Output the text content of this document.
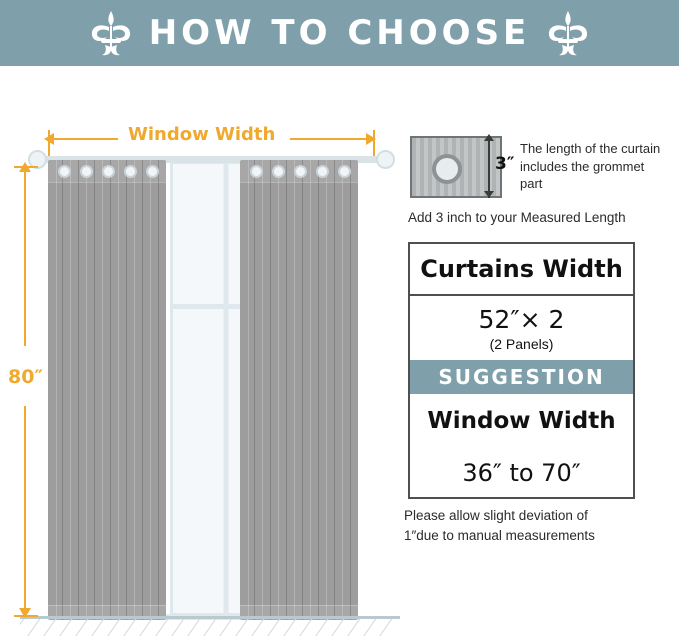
HOW TO CHOOSE
Window Width
80″
3″
The length of the curtain includes the grommet part
Add 3 inch to your Measured Length
Curtains Width
52″× 2
(2 Panels)
SUGGESTION
Window Width
36″ to 70″
Please allow slight deviation of
1″due to manual measurements
